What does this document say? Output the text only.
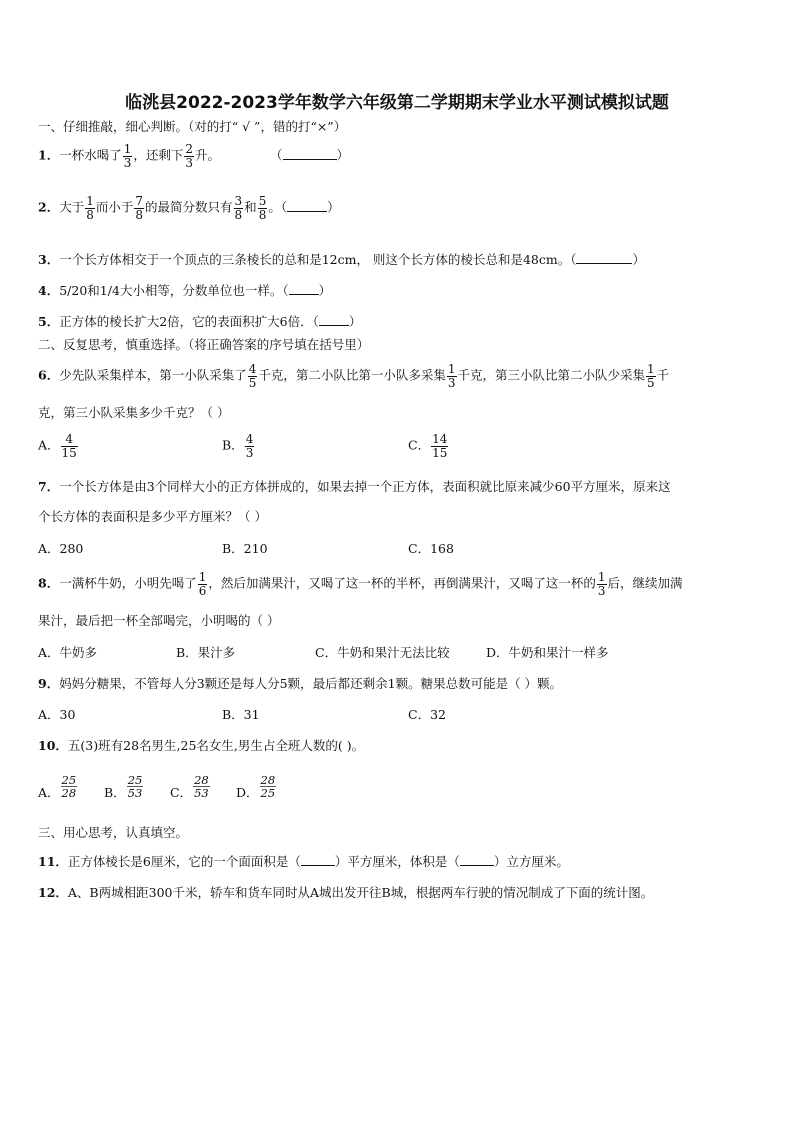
临洮县2022-2023学年数学六年级第二学期期末学业水平测试模拟试题
一、仔细推敲，细心判断。（对的打“ √ ”，错的打“×”）
1．一杯水喝了 $\frac{1}{3}$ ，还剩下 $\frac{2}{3}$ 升。	（	）
2．大于 $\frac{1}{8}$ 而小于 $\frac{7}{8}$ 的最简分数只有 $\frac{3}{8}$ 和 $\frac{5}{8}$ 。（	）
3．一个长方体相交于一个顶点的三条棱长的总和是12cm， 则这个长方体的棱长总和是48cm。（	）
4．5/20和1/4大小相等，分数单位也一样。（ ）
5．正方体的棱长扩大2倍，它的表面积扩大6倍．（ ）
二、反复思考，慎重选择。（将正确答案的序号填在括号里）
6．少先队采集样本，第一小队采集了 $\frac{4}{5}$ 千克，第二小队比第一小队多采集 $\frac{1}{3}$ 千克，第三小队比第二小队少采集 $\frac{1}{5}$ 千
克，第三小队采集多少千克？（ ）
A． $\frac{4}{15}$	B． $\frac{4}{3}$	C． $\frac{14}{15}$
7．一个长方体是由3个同样大小的正方体拼成的，如果去掉一个正方体，表面积就比原来减少60平方厘米，原来这
个长方体的表面积是多少平方厘米？（ ）
A．280	B．210	C．168
8．一满杯牛奶，小明先喝了 $\frac{1}{6}$ ，然后加满果汁，又喝了这一杯的半杯，再倒满果汁，又喝了这一杯的 $\frac{1}{3}$ 后，继续加满
果汁，最后把一杯全部喝完，小明喝的（ ）
A．牛奶多	B．果汁多	C．牛奶和果汁无法比较	D．牛奶和果汁一样多
9．妈妈分糖果，不管每人分3颗还是每人分5颗，最后都还剩余1颗。糖果总数可能是（ ）颗。
A．30	B．31	C．32
10．五(3)班有28名男生,25名女生,男生占全班人数的( )。
A． $\frac{25}{28}$ B． $\frac{25}{53}$ C． $\frac{28}{53}$ D． $\frac{28}{25}$
三、用心思考，认真填空。
11．正方体棱长是6厘米，它的一个面面积是（	）平方厘米，体积是（	）立方厘米。
12．A、B两城相距300千米，轿车和货车同时从A城出发开往B城，根据两车行驶的情况制成了下面的统计图。
